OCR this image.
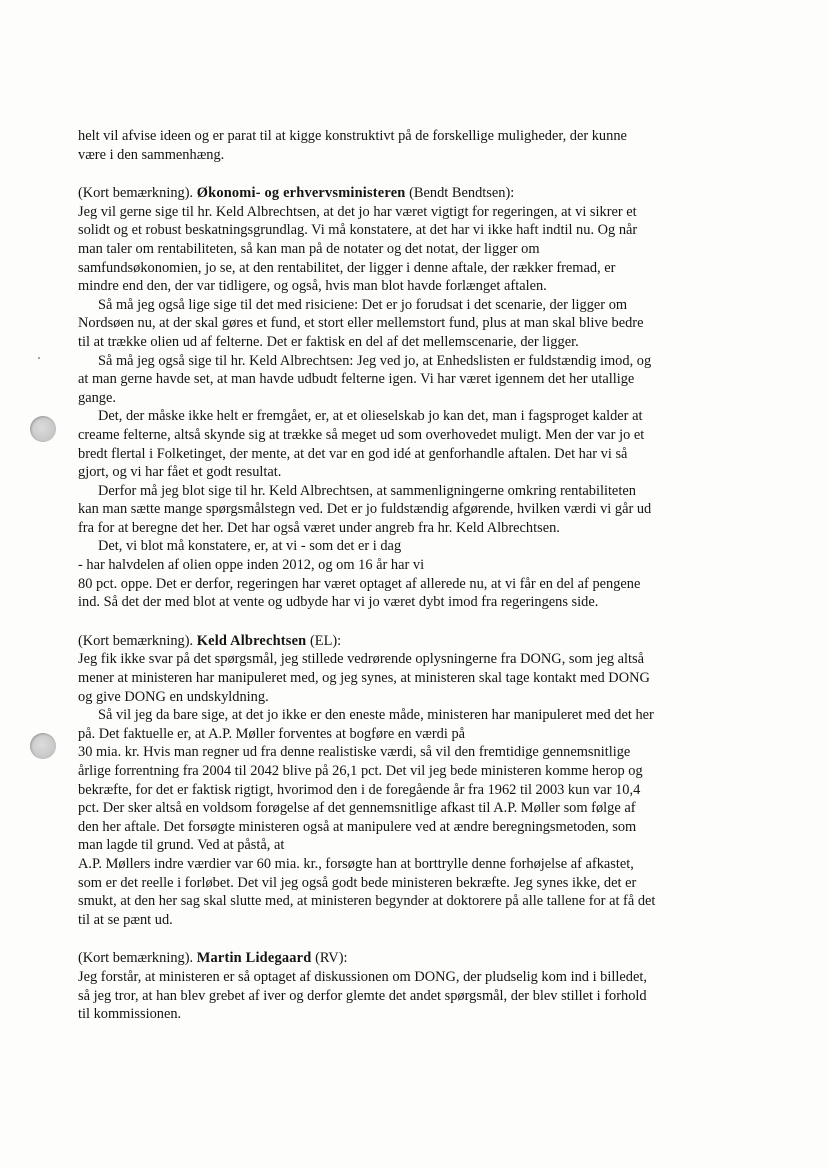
helt vil afvise ideen og er parat til at kigge konstruktivt på de forskellige muligheder, der kunne
være i den sammenhæng.
(Kort bemærkning). Økonomi- og erhvervsministeren (Bendt Bendtsen):
Jeg vil gerne sige til hr. Keld Albrechtsen, at det jo har været vigtigt for regeringen, at vi sikrer et
solidt og et robust beskatningsgrundlag. Vi må konstatere, at det har vi ikke haft indtil nu. Og når
man taler om rentabiliteten, så kan man på de notater og det notat, der ligger om
samfundsøkonomien, jo se, at den rentabilitet, der ligger i denne aftale, der rækker fremad, er
mindre end den, der var tidligere, og også, hvis man blot havde forlænget aftalen.
Så må jeg også lige sige til det med risiciene: Det er jo forudsat i det scenarie, der ligger om
Nordsøen nu, at der skal gøres et fund, et stort eller mellemstort fund, plus at man skal blive bedre
til at trække olien ud af felterne. Det er faktisk en del af det mellemscenarie, der ligger.
Så må jeg også sige til hr. Keld Albrechtsen: Jeg ved jo, at Enhedslisten er fuldstændig imod, og
at man gerne havde set, at man havde udbudt felterne igen. Vi har været igennem det her utallige
gange.
Det, der måske ikke helt er fremgået, er, at et olieselskab jo kan det, man i fagsproget kalder at
creame felterne, altså skynde sig at trække så meget ud som overhovedet muligt. Men der var jo et
bredt flertal i Folketinget, der mente, at det var en god idé at genforhandle aftalen. Det har vi så
gjort, og vi har fået et godt resultat.
Derfor må jeg blot sige til hr. Keld Albrechtsen, at sammenligningerne omkring rentabiliteten
kan man sætte mange spørgsmålstegn ved. Det er jo fuldstændig afgørende, hvilken værdi vi går ud
fra for at beregne det her. Det har også været under angreb fra hr. Keld Albrechtsen.
Det, vi blot må konstatere, er, at vi - som det er i dag
- har halvdelen af olien oppe inden 2012, og om 16 år har vi
80 pct. oppe. Det er derfor, regeringen har været optaget af allerede nu, at vi får en del af pengene
ind. Så det der med blot at vente og udbyde har vi jo været dybt imod fra regeringens side.
(Kort bemærkning). Keld Albrechtsen (EL):
Jeg fik ikke svar på det spørgsmål, jeg stillede vedrørende oplysningerne fra DONG, som jeg altså
mener at ministeren har manipuleret med, og jeg synes, at ministeren skal tage kontakt med DONG
og give DONG en undskyldning.
Så vil jeg da bare sige, at det jo ikke er den eneste måde, ministeren har manipuleret med det her
på. Det faktuelle er, at A.P. Møller forventes at bogføre en værdi på
30 mia. kr. Hvis man regner ud fra denne realistiske værdi, så vil den fremtidige gennemsnitlige
årlige forrentning fra 2004 til 2042 blive på 26,1 pct. Det vil jeg bede ministeren komme herop og
bekræfte, for det er faktisk rigtigt, hvorimod den i de foregående år fra 1962 til 2003 kun var 10,4
pct. Der sker altså en voldsom forøgelse af det gennemsnitlige afkast til A.P. Møller som følge af
den her aftale. Det forsøgte ministeren også at manipulere ved at ændre beregningsmetoden, som
man lagde til grund. Ved at påstå, at
A.P. Møllers indre værdier var 60 mia. kr., forsøgte han at borttrylle denne forhøjelse af afkastet,
som er det reelle i forløbet. Det vil jeg også godt bede ministeren bekræfte. Jeg synes ikke, det er
smukt, at den her sag skal slutte med, at ministeren begynder at doktorere på alle tallene for at få det
til at se pænt ud.
(Kort bemærkning). Martin Lidegaard (RV):
Jeg forstår, at ministeren er så optaget af diskussionen om DONG, der pludselig kom ind i billedet,
så jeg tror, at han blev grebet af iver og derfor glemte det andet spørgsmål, der blev stillet i forhold
til kommissionen.
